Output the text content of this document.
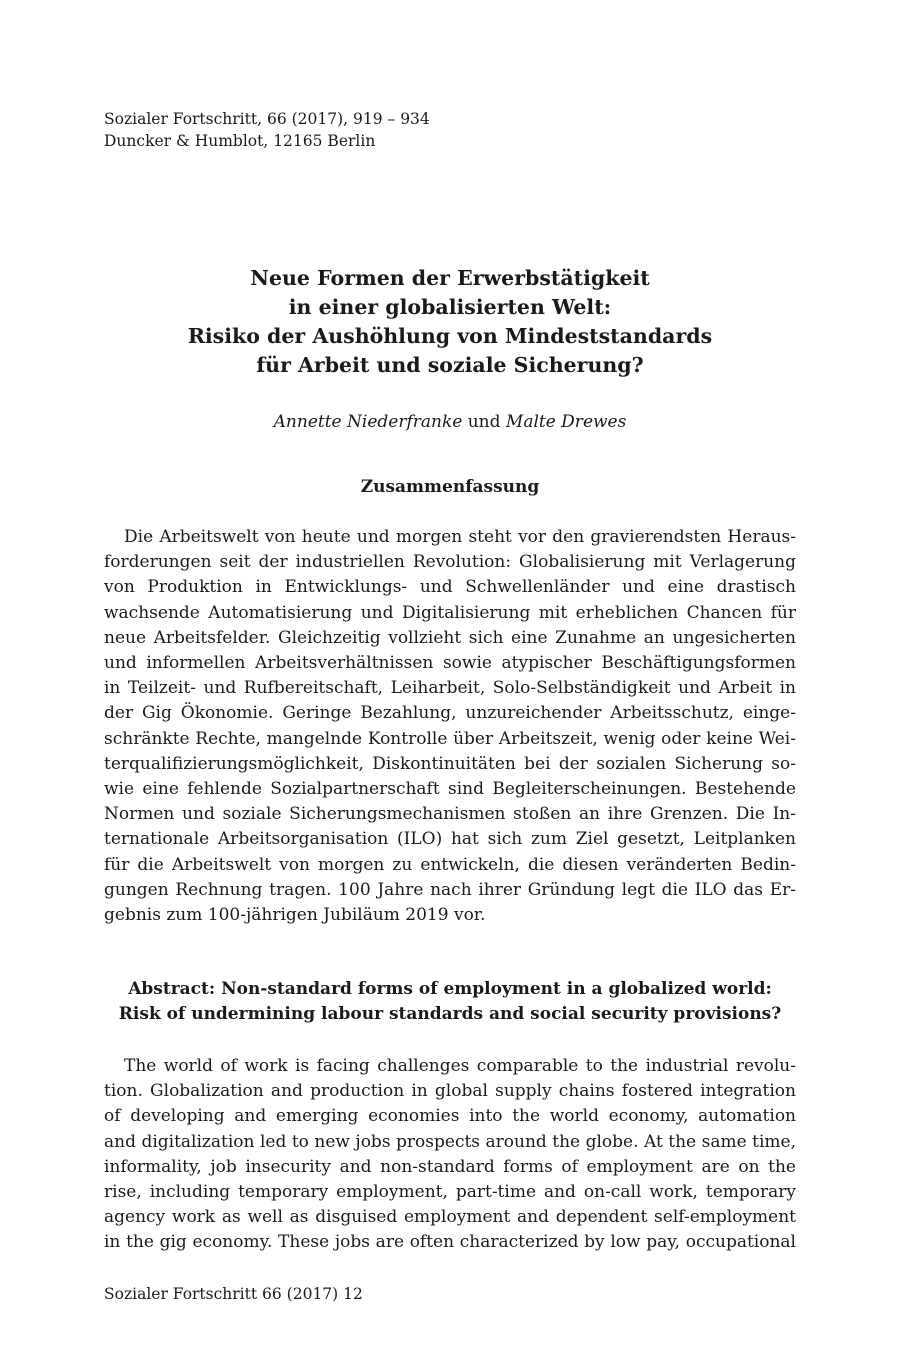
Sozialer Fortschritt, 66 (2017), 919 – 934
Duncker & Humblot, 12165 Berlin
Neue Formen der Erwerbstätigkeit
in einer globalisierten Welt:
Risiko der Aushöhlung von Mindeststandards
für Arbeit und soziale Sicherung?
Annette Niederfranke und Malte Drewes
Zusammenfassung
Die Arbeitswelt von heute und morgen steht vor den gravierendsten Heraus-
forderungen seit der industriellen Revolution: Globalisierung mit Verlagerung
von Produktion in Entwicklungs- und Schwellenländer und eine drastisch
wachsende Automatisierung und Digitalisierung mit erheblichen Chancen für
neue Arbeitsfelder. Gleichzeitig vollzieht sich eine Zunahme an ungesicherten
und informellen Arbeitsverhältnissen sowie atypischer Beschäftigungsformen
in Teilzeit- und Rufbereitschaft, Leiharbeit, Solo-Selbständigkeit und Arbeit in
der Gig Ökonomie. Geringe Bezahlung, unzureichender Arbeitsschutz, einge-
schränkte Rechte, mangelnde Kontrolle über Arbeitszeit, wenig oder keine Wei-
terqualifizierungsmöglichkeit, Diskontinuitäten bei der sozialen Sicherung so-
wie eine fehlende Sozialpartnerschaft sind Begleiterscheinungen. Bestehende
Normen und soziale Sicherungsmechanismen stoßen an ihre Grenzen. Die In-
ternationale Arbeitsorganisation (ILO) hat sich zum Ziel gesetzt, Leitplanken
für die Arbeitswelt von morgen zu entwickeln, die diesen veränderten Bedin-
gungen Rechnung tragen. 100 Jahre nach ihrer Gründung legt die ILO das Er-
gebnis zum 100-jährigen Jubiläum 2019 vor.
Abstract: Non-standard forms of employment in a globalized world:
Risk of undermining labour standards and social security provisions?
The world of work is facing challenges comparable to the industrial revolu-
tion. Globalization and production in global supply chains fostered integration
of developing and emerging economies into the world economy, automation
and digitalization led to new jobs prospects around the globe. At the same time,
informality, job insecurity and non-standard forms of employment are on the
rise, including temporary employment, part-time and on-call work, temporary
agency work as well as disguised employment and dependent self-employment
in the gig economy. These jobs are often characterized by low pay, occupational
Sozialer Fortschritt 66 (2017) 12
